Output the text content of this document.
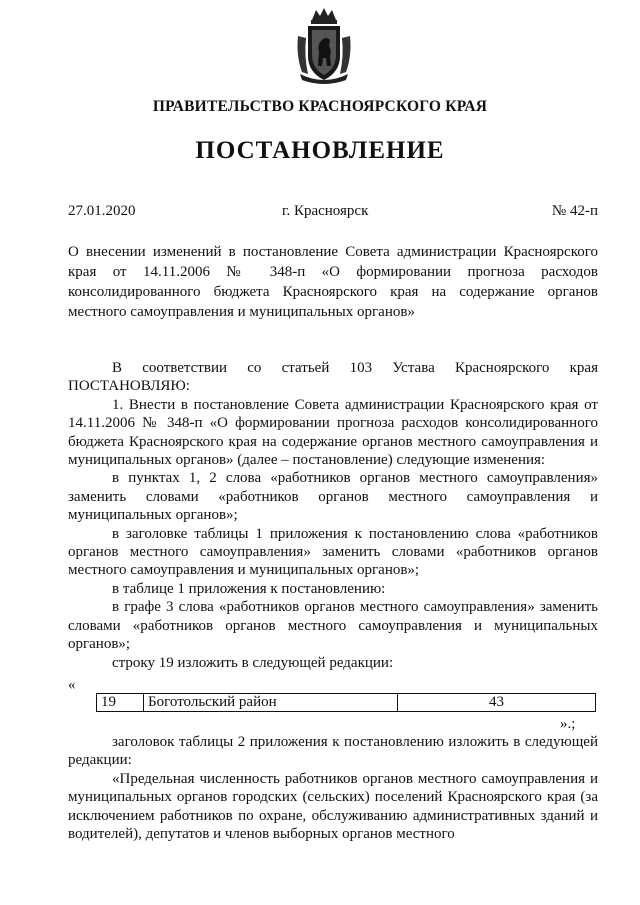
ПРАВИТЕЛЬСТВО КРАСНОЯРСКОГО КРАЯ
ПОСТАНОВЛЕНИЕ
27.01.2020	г. Красноярск	№ 42-п
О внесении изменений в постановление Совета администрации Красноярского края от 14.11.2006 № 348-п «О формировании прогноза расходов консолидированного бюджета Красноярского края на содержание органов местного самоуправления и муниципальных органов»

В соответствии со статьей 103 Устава Красноярского края

ПОСТАНОВЛЯЮ:

1. Внести в постановление Совета администрации Красноярского края от 14.11.2006 № 348-п «О формировании прогноза расходов консолидированного бюджета Красноярского края на содержание органов местного самоуправления и муниципальных органов» (далее – постановление) следующие изменения:

в пунктах 1, 2 слова «работников органов местного самоуправления» заменить словами «работников органов местного самоуправления и муниципальных органов»;

в заголовке таблицы 1 приложения к постановлению слова «работников органов местного самоуправления» заменить словами «работников органов местного самоуправления и муниципальных органов»;

в таблице 1 приложения к постановлению:

в графе 3 слова «работников органов местного самоуправления» заменить словами «работников органов местного самоуправления и муниципальных органов»;

строку 19 изложить в следующей редакции:

«
19	Боготольский район	43
».;

заголовок таблицы 2 приложения к постановлению изложить в следующей редакции:

«Предельная численность работников органов местного самоуправления и муниципальных органов городских (сельских) поселений Красноярского края (за исключением работников по охране, обслуживанию административных зданий и водителей), депутатов и членов выборных органов местного
